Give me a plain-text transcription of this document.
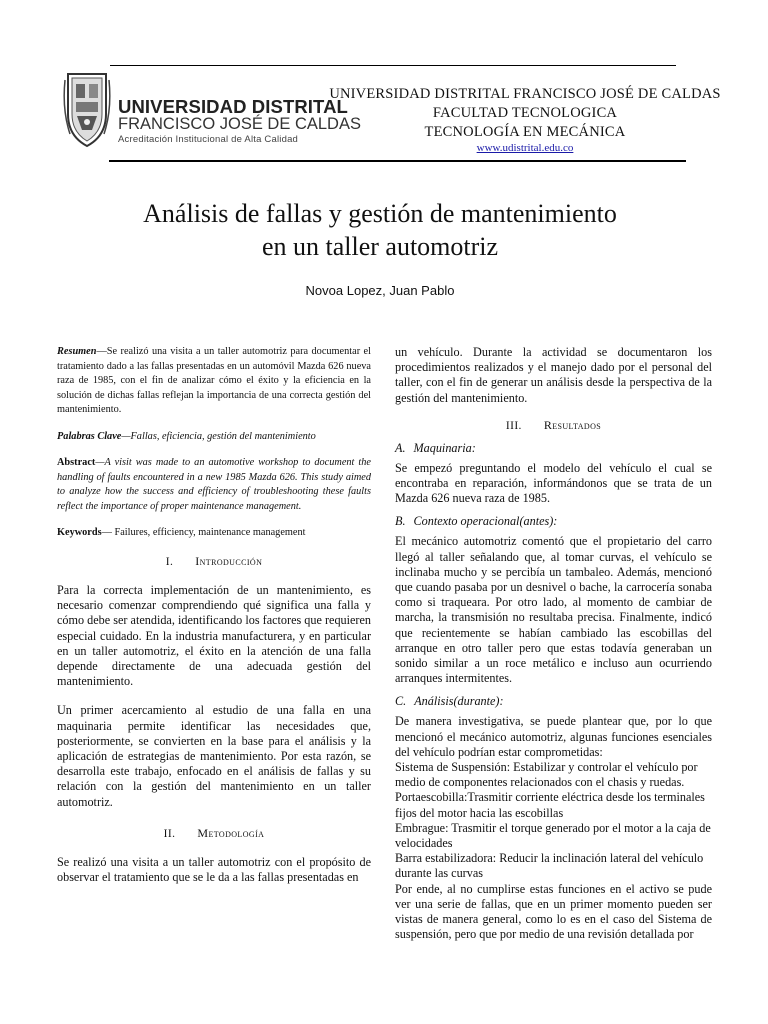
UNIVERSIDAD DISTRITAL
FRANCISCO JOSÉ DE CALDAS
Acreditación Institucional de Alta Calidad
UNIVERSIDAD DISTRITAL FRANCISCO JOSÉ DE CALDAS
FACULTAD TECNOLOGICA
TECNOLOGÍA EN MECÁNICA
www.udistrital.edu.co
Análisis de fallas y gestión de mantenimiento
en un taller automotriz
Novoa Lopez, Juan Pablo

Resumen—Se realizó una visita a un taller automotriz para documentar el tratamiento dado a las fallas presentadas en un automóvil Mazda 626 nueva raza de 1985, con el fin de analizar cómo el éxito y la eficiencia en la solución de dichas fallas reflejan la importancia de una correcta gestión del mantenimiento.

Palabras Clave—Fallas, eficiencia, gestión del mantenimiento

Abstract—A visit was made to an automotive workshop to document the handling of faults encountered in a new 1985 Mazda 626. This study aimed to analyze how the success and efficiency of troubleshooting these faults reflect the importance of proper maintenance management.

Keywords— Failures, efficiency, maintenance management

I. Introducción

Para la correcta implementación de un mantenimiento, es necesario comenzar comprendiendo qué significa una falla y cómo debe ser atendida, identificando los factores que requieren especial cuidado. En la industria manufacturera, y en particular en un taller automotriz, el éxito en la atención de una falla depende directamente de una adecuada gestión del mantenimiento.

Un primer acercamiento al estudio de una falla en una maquinaria permite identificar las necesidades que, posteriormente, se convierten en la base para el análisis y la aplicación de estrategias de mantenimiento. Por esta razón, se desarrolla este trabajo, enfocado en el análisis de fallas y su relación con la gestión del mantenimiento en un taller automotriz.

II. Metodología

Se realizó una visita a un taller automotriz con el propósito de observar el tratamiento que se le da a las fallas presentadas en

un vehículo. Durante la actividad se documentaron los procedimientos realizados y el manejo dado por el personal del taller, con el fin de generar un análisis desde la perspectiva de la gestión del mantenimiento.

III. Resultados
A. Maquinaria:

Se empezó preguntando el modelo del vehículo el cual se encontraba en reparación, informándonos que se trata de un Mazda 626 nueva raza de 1985.

B. Contexto operacional(antes):

El mecánico automotriz comentó que el propietario del carro llegó al taller señalando que, al tomar curvas, el vehículo se inclinaba mucho y se percibía un tambaleo. Además, mencionó que cuando pasaba por un desnivel o bache, la carrocería sonaba como si traqueara. Por otro lado, al momento de cambiar de marcha, la transmisión no resultaba precisa. Finalmente, indicó que recientemente se habían cambiado las escobillas del arranque en otro taller pero que estas todavía generaban un sonido similar a un roce metálico e incluso aun ocurriendo arranques intermitentes.

C. Análisis(durante):

De manera investigativa, se puede plantear que, por lo que mencionó el mecánico automotriz, algunas funciones esenciales del vehículo podrían estar comprometidas:

Sistema de Suspensión: Estabilizar y controlar el vehículo por medio de componentes relacionados con el chasis y ruedas.

Portaescobilla:Trasmitir corriente eléctrica desde los terminales fijos del motor hacia las escobillas

Embrague: Trasmitir el torque generado por el motor a la caja de velocidades

Barra estabilizadora: Reducir la inclinación lateral del vehículo durante las curvas

Por ende, al no cumplirse estas funciones en el activo se pude ver una serie de fallas, que en un primer momento pueden ser vistas de manera general, como lo es en el caso del Sistema de suspensión, pero que por medio de una revisión detallada por
